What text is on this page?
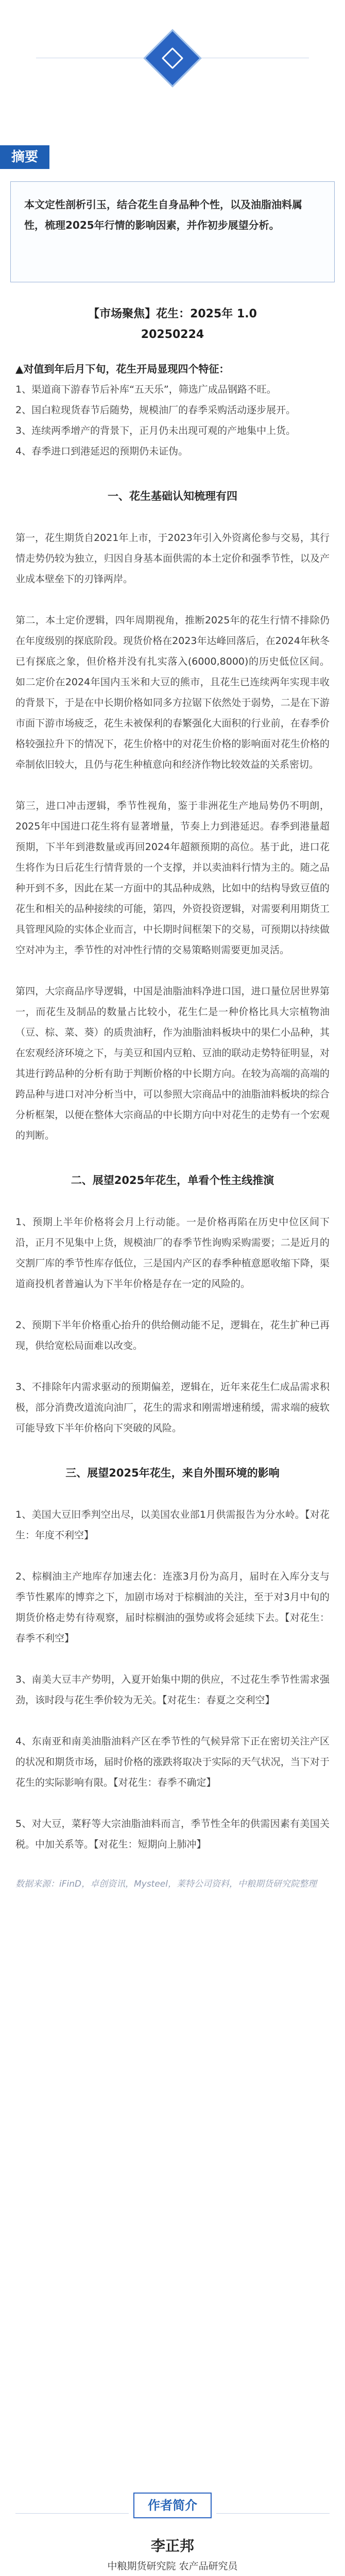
摘要

本文定性剖析引玉，结合花生自身品种个性，以及油脂油料属性，梳理2025年行情的影响因素，并作初步展望分析。

【市场聚焦】花生：2025年 1.0
20250224
▲对值到年后月下旬，花生开局显现四个特征：

1、渠道商下游春节后补库“五天乐”，筛选广成品钢路不旺。

2、国白粒现货春节后随势，规模油厂的春季采购活动逐步展开。

3、连续两季增产的背景下，正月仍未出现可观的产地集中上货。

4、春季进口到港延迟的预期仍未证伪。

一、花生基础认知梳理有四

第一，花生期货自2021年上市，于2023年引入外资离伦参与交易，其行情走势仍较为独立，归因自身基本面供需的本土定价和强季节性，以及产业成本壁垒下的刃锋两岸。

第二，本土定价逻辑，四年周期视角，推断2025年的花生行情不排除仍在年度级别的探底阶段。现货价格在2023年达峰回落后，在2024年秋冬已有探底之象，但价格并没有扎实落入(6000,8000)的历史低位区间。如二定价在2024年国内玉米和大豆的熊市，且花生已连续两年实现丰收的背景下，于是在中长期价格如同多方拉锯下依然处于弱势，二是在下游市面下游市场疲乏，花生未被保利的春繁强化大面积的行业前，在春季价格较强拉升下的情况下，花生价格中的对花生价格的影响面对花生价格的牵制依旧较大，且仍与花生种植意向和经济作物比较效益的关系密切。

第三，进口冲击逻辑，季节性视角，鉴于非洲花生产地局势仍不明朗，2025年中国进口花生将有显著增量，节奏上力到港延迟。春季到港量超预期，下半年到港数量或再回2024年超额预期的高位。基于此，进口花生将作为日后花生行情背景的一个支撑，并以卖油料行情为主的。随之品种开到不多，因此在某一方面中的其品种成熟，比如中的结构导致豆值的花生和相关的品种接续的可能，第四，外资投资逻辑，对需要利用期货工具管理风险的实体企业而言，中长期时间框架下的交易，可预期以持续做空对冲为主，季节性的对冲性行情的交易策略则需要更加灵活。

第四，大宗商品序导逻辑，中国是油脂油料净进口国，进口量位居世界第一，而花生及制品的数量占比较小，花生仁是一种价格比具大宗植物油（豆、棕、菜、葵）的质贵油籽，作为油脂油料板块中的果仁小品种，其在宏观经济环境之下，与美豆和国内豆粕、豆油的联动走势特征明显，对其进行跨品种的分析有助于判断价格的中长期方向。在较为高端的高端的跨品种与进口对冲分析当中，可以参照大宗商品中的油脂油料板块的综合分析框架，以便在整体大宗商品的中长期方向中对花生的走势有一个宏观的判断。

二、展望2025年花生，单看个性主线推演

1、预期上半年价格将会月上行动能。一是价格再陷在历史中位区间下沿，正月不见集中上货，规模油厂的春季节性询购采购需要；二是近月的交割厂库的季节性库存低位，三是国内产区的春季种植意愿收缩下降，渠道商投机者普遍认为下半年价格是存在一定的风险的。

2、预期下半年价格重心抬升的供给侧动能不足，逻辑在，花生扩种已再现，供给宽松局面难以改变。

3、不排除年内需求驱动的预期偏差，逻辑在，近年来花生仁成品需求积极，部分消费改道流向油厂，花生的需求和刚需增速稍缓，需求端的疲软可能导致下半年价格向下突破的风险。

三、展望2025年花生，来自外围环境的影响

1、美国大豆旧季判空出尽，以美国农业部1月供需报告为分水岭。【对花生：年度不利空】

2、棕榈油主产地库存加速去化：连涨3月份为高月，届时在入库分支与季节性累库的博弈之下，加剧市场对于棕榈油的关注，至于对3月中旬的期货价格走势有待观察，届时棕榈油的强势或将会延续下去。【对花生：春季不利空】

3、南美大豆丰产势明，入夏开始集中期的供应，不过花生季节性需求强劲，该时段与花生季价较为无关。【对花生：春夏之交利空】

4、东南亚和南美油脂油料产区在季节性的气候异常下正在密切关注产区的状况和期货市场，届时价格的涨跌将取决于实际的天气状况，当下对于花生的实际影响有限。【对花生：春季不确定】

5、对大豆，菜籽等大宗油脂油料而言，季节性全年的供需因素有美国关税。中加关系等。【对花生：短期向上肺冲】

数据来源：iFinD，卓创资讯，Mysteel，莱特公司资料，中粮期货研究院整理

作者简介
李正邦
中粮期货研究院 农产品研究员
